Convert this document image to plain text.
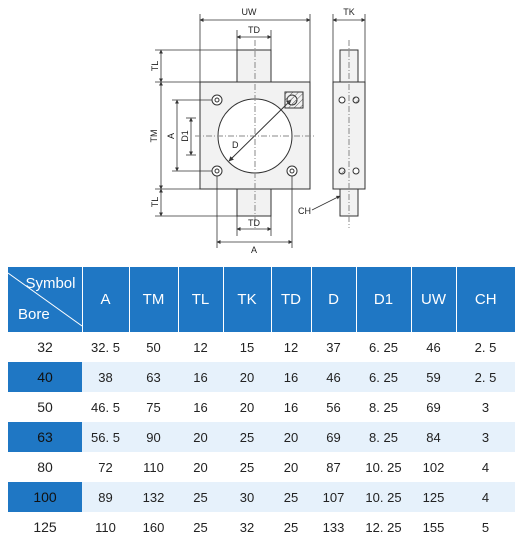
UW	TK
TD
TL
TM A D1
D
TL
TD
A
CH
Symbol
Bore	A	TM	TL	TK	TD	D	D1	UW	CH
32	32. 5	50	12	15	12	37	6. 25	46	2. 5
40	38	63	16	20	16	46	6. 25	59	2. 5
50	46. 5	75	16	20	16	56	8. 25	69	3
63	56. 5	90	20	25	20	69	8. 25	84	3
80	72	110	20	25	20	87	10. 25	102	4
100	89	132	25	30	25	107	10. 25	125	4
125	110	160	25	32	25	133	12. 25	155	5
